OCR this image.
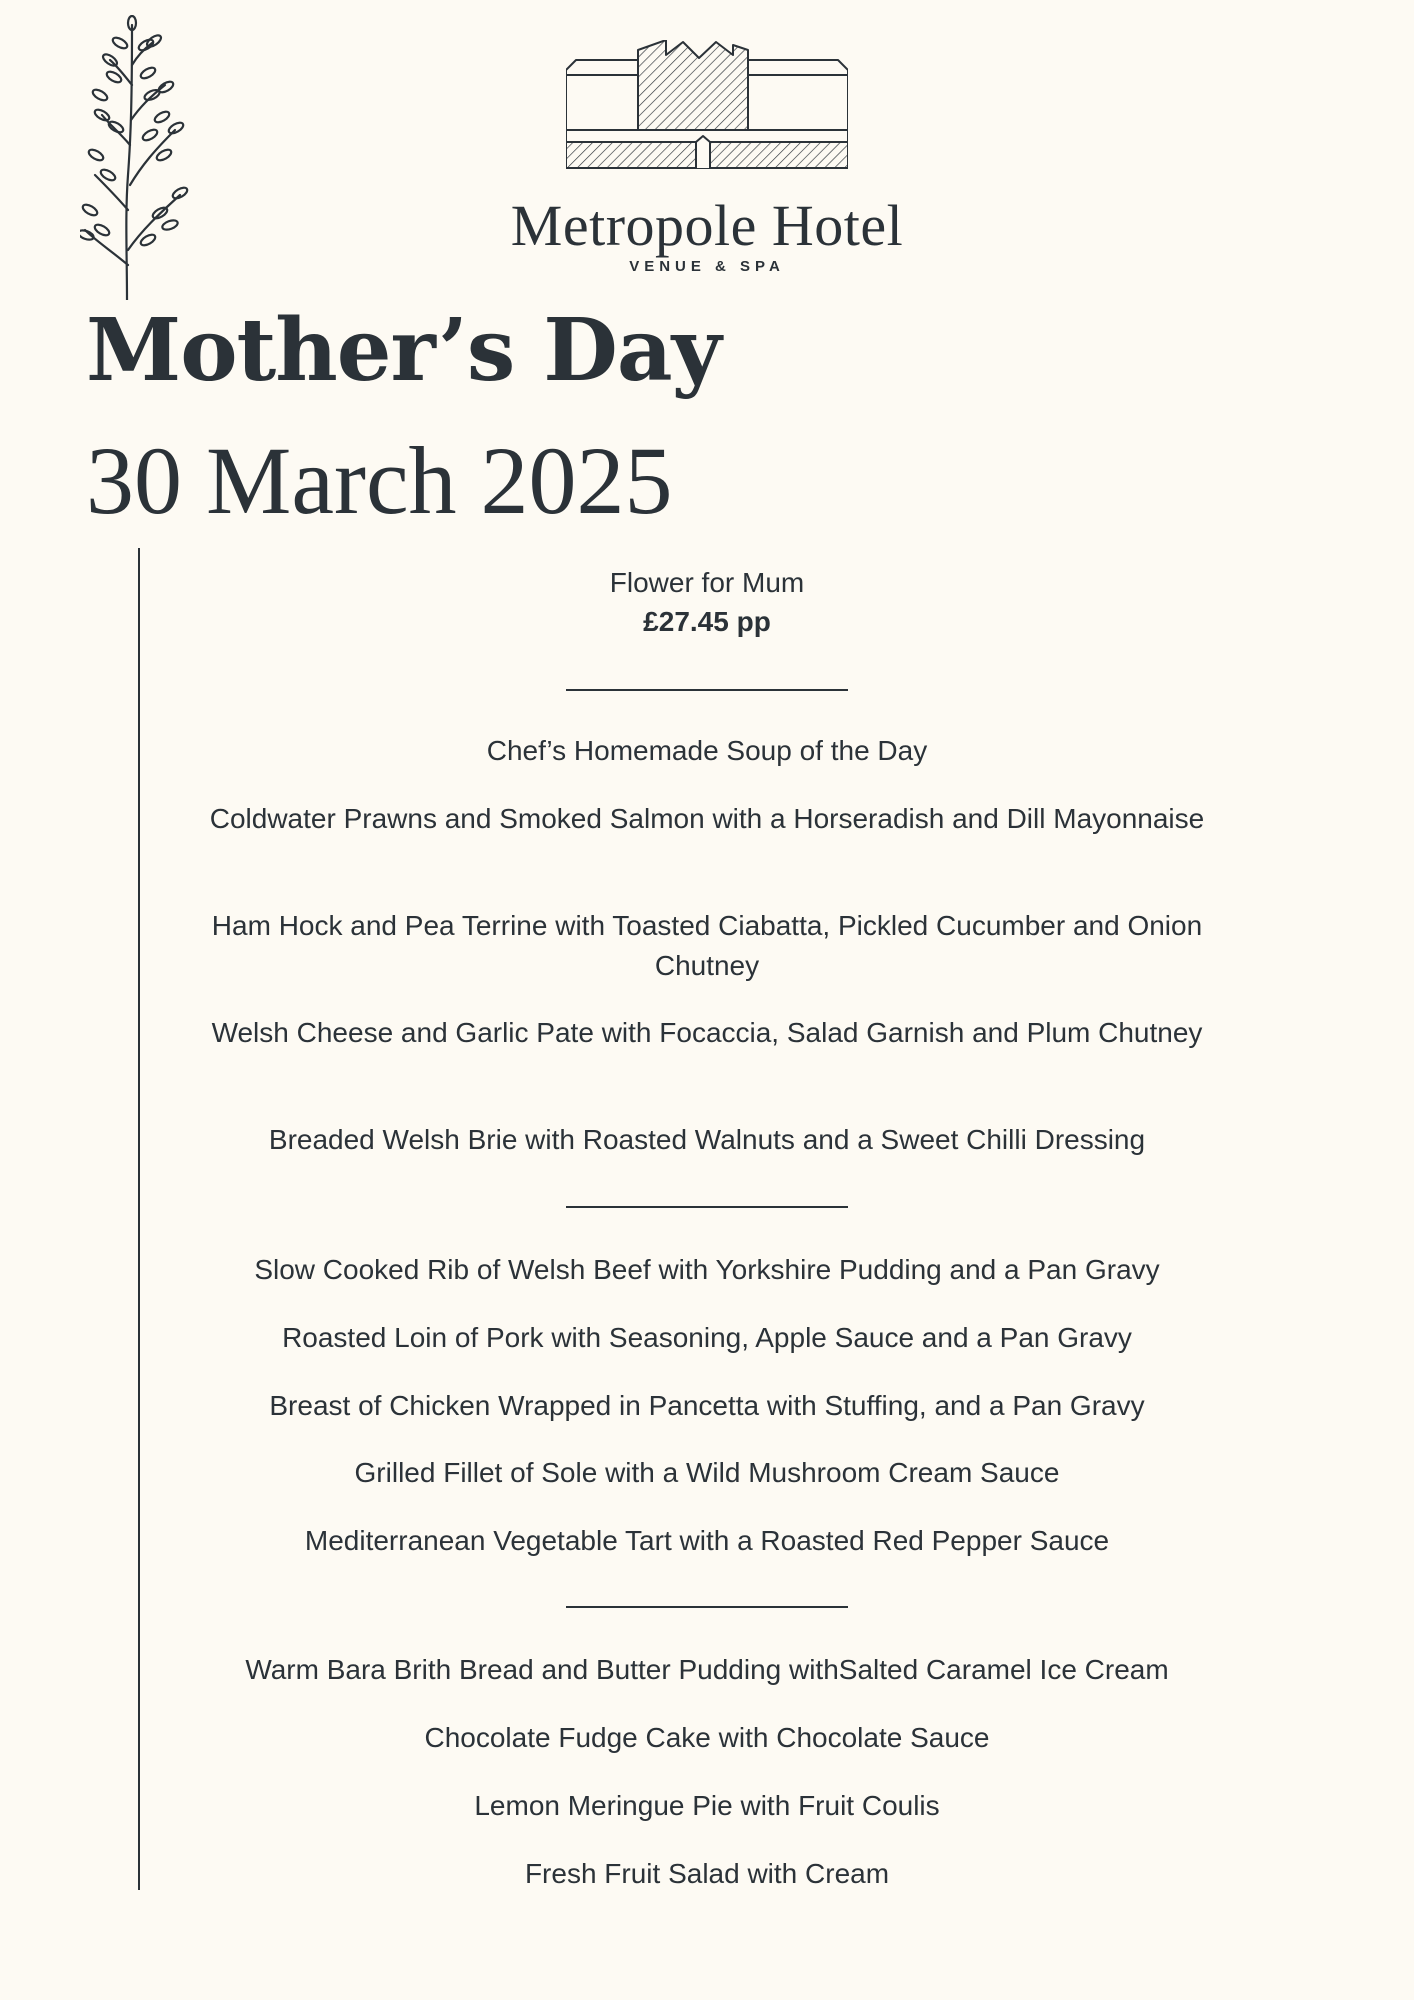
Metropole Hotel
VENUE & SPA
Mother’s Day
30 March 2025
Flower for Mum
£27.45 pp
Chef’s Homemade Soup of the Day
Coldwater Prawns and Smoked Salmon with a Horseradish and Dill Mayonnaise
Ham Hock and Pea Terrine with Toasted Ciabatta, Pickled Cucumber and Onion Chutney
Welsh Cheese and Garlic Pate with Focaccia, Salad Garnish and Plum Chutney
Breaded Welsh Brie with Roasted Walnuts and a Sweet Chilli Dressing
Slow Cooked Rib of Welsh Beef with Yorkshire Pudding and a Pan Gravy
Roasted Loin of Pork with Seasoning, Apple Sauce and a Pan Gravy
Breast of Chicken Wrapped in Pancetta with Stuffing, and a Pan Gravy
Grilled Fillet of Sole with a Wild Mushroom Cream Sauce
Mediterranean Vegetable Tart with a Roasted Red Pepper Sauce
Warm Bara Brith Bread and Butter Pudding withSalted Caramel Ice Cream
Chocolate Fudge Cake with Chocolate Sauce
Lemon Meringue Pie with Fruit Coulis
Fresh Fruit Salad with Cream
